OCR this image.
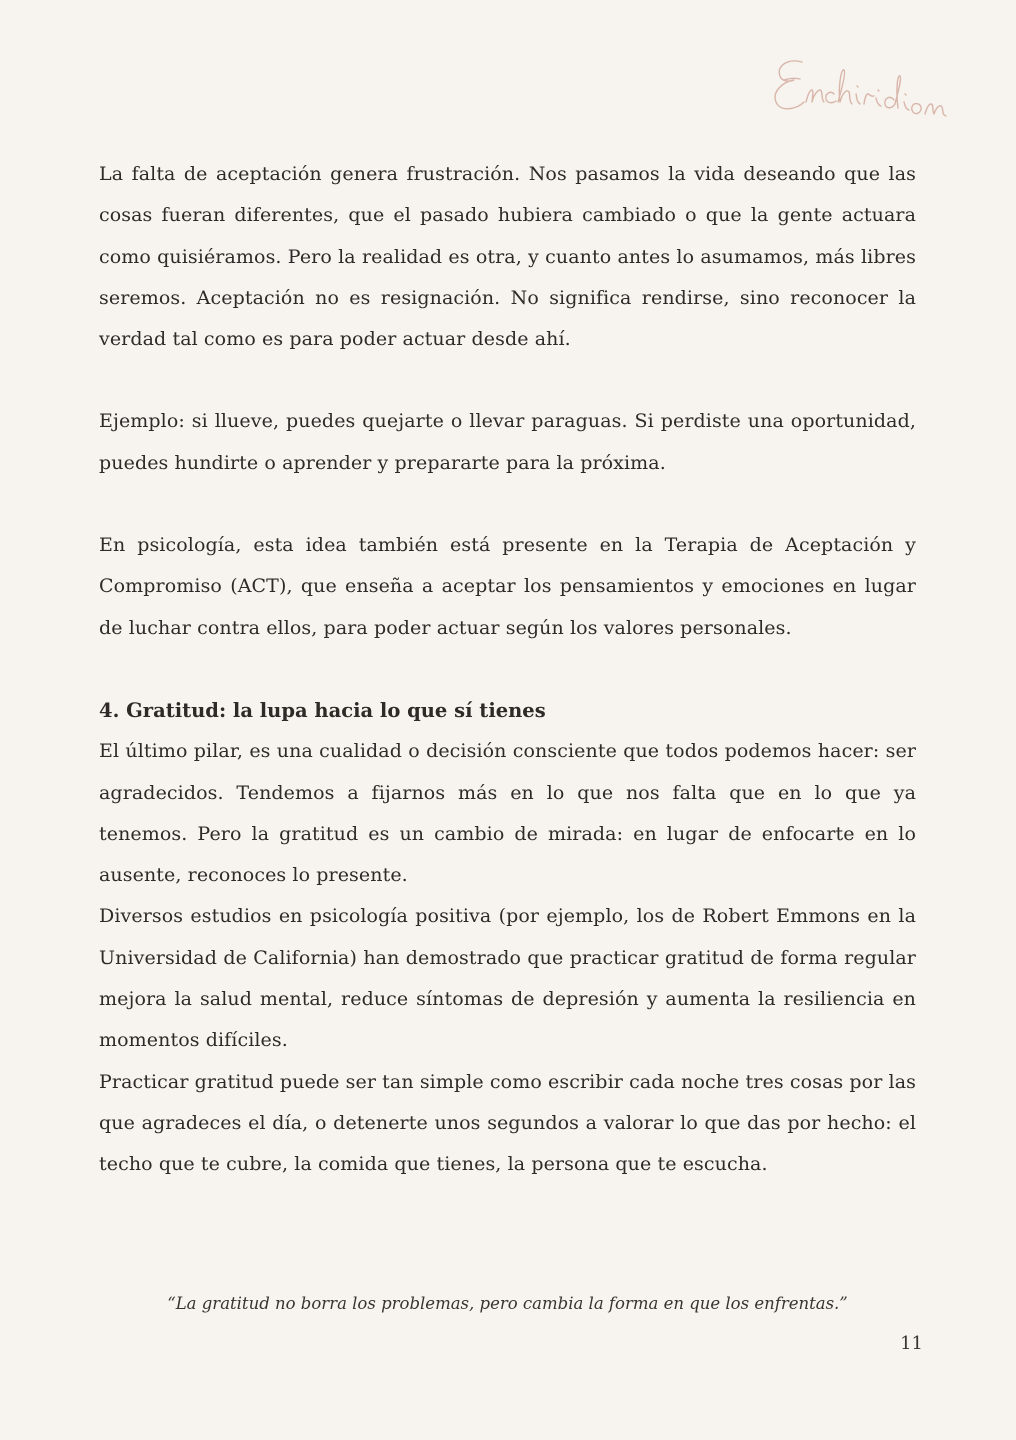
La falta de aceptación genera frustración. Nos pasamos la vida deseando que las cosas fueran diferentes, que el pasado hubiera cambiado o que la gente actuara como quisiéramos. Pero la realidad es otra, y cuanto antes lo asumamos, más libres seremos. Aceptación no es resignación. No significa rendirse, sino reconocer la verdad tal como es para poder actuar desde ahí.

Ejemplo: si llueve, puedes quejarte o llevar paraguas. Si perdiste una oportunidad, puedes hundirte o aprender y prepararte para la próxima.

En psicología, esta idea también está presente en la Terapia de Aceptación y Compromiso (ACT), que enseña a aceptar los pensamientos y emociones en lugar de luchar contra ellos, para poder actuar según los valores personales.

4. Gratitud: la lupa hacia lo que sí tienes

El último pilar, es una cualidad o decisión consciente que todos podemos hacer: ser agradecidos. Tendemos a fijarnos más en lo que nos falta que en lo que ya tenemos. Pero la gratitud es un cambio de mirada: en lugar de enfocarte en lo ausente, reconoces lo presente.

Diversos estudios en psicología positiva (por ejemplo, los de Robert Emmons en la Universidad de California) han demostrado que practicar gratitud de forma regular mejora la salud mental, reduce síntomas de depresión y aumenta la resiliencia en momentos difíciles.

Practicar gratitud puede ser tan simple como escribir cada noche tres cosas por las que agradeces el día, o detenerte unos segundos a valorar lo que das por hecho: el techo que te cubre, la comida que tienes, la persona que te escucha.

“La gratitud no borra los problemas, pero cambia la forma en que los enfrentas.”

11
